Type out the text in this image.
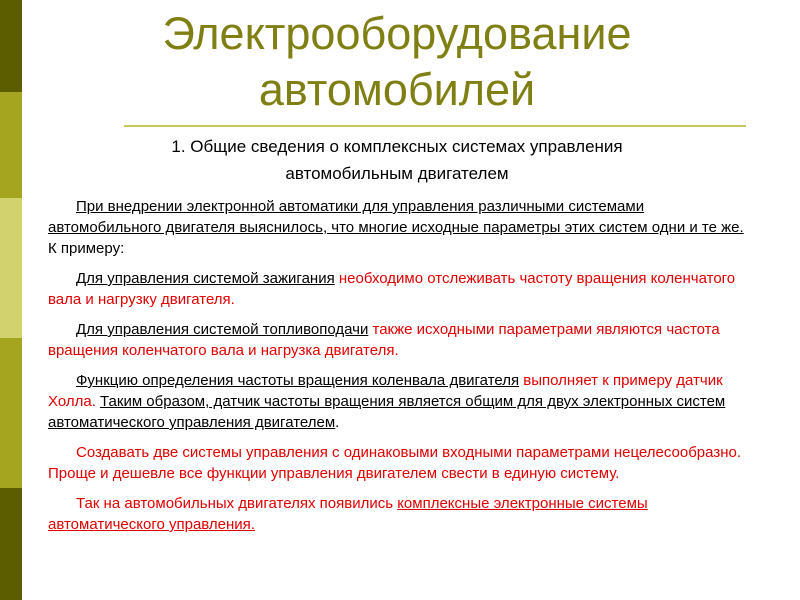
Электрооборудование
автомобилей
1. Общие сведения о комплексных системах управления
автомобильным двигателем

При внедрении электронной автоматики для управления различными системами автомобильного двигателя выяснилось, что многие исходные параметры этих систем одни и те же. К примеру:

Для управления системой зажигания необходимо отслеживать частоту вращения коленчатого вала и нагрузку двигателя.

Для управления системой топливоподачи также исходными параметрами являются частота вращения коленчатого вала и нагрузка двигателя.

Функцию определения частоты вращения коленвала двигателя выполняет к примеру датчик Холла. Таким образом, датчик частоты вращения является общим для двух электронных систем автоматического управления двигателем.

Создавать две системы управления с одинаковыми входными параметрами нецелесообразно. Проще и дешевле все функции управления двигателем свести в единую систему.

Так на автомобильных двигателях появились комплексные электронные системы автоматического управления.
